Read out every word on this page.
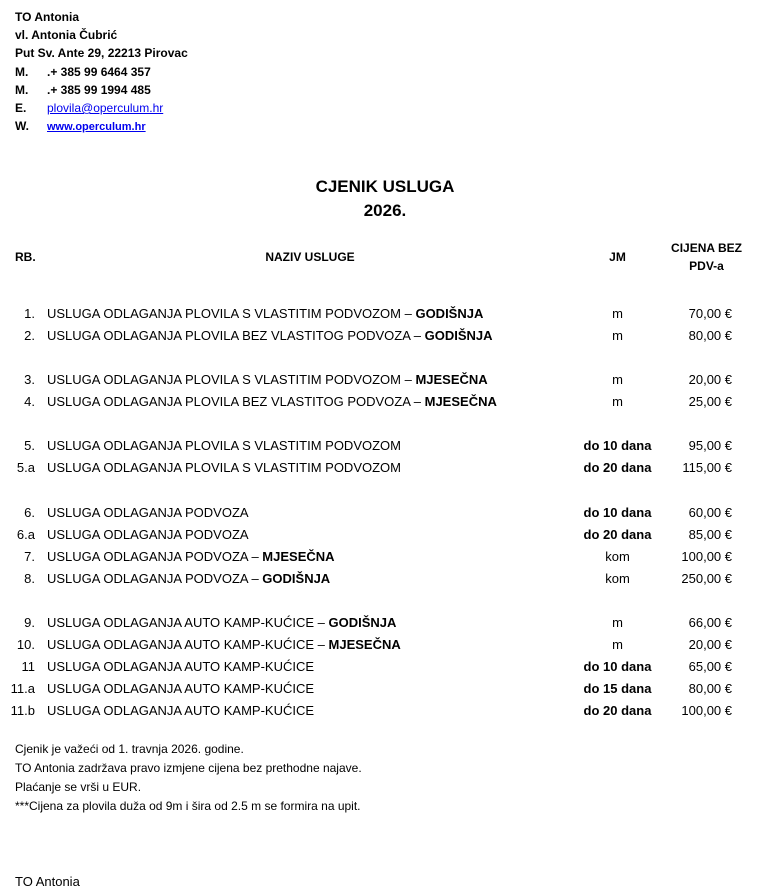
TO Antonia
vl. Antonia Čubrić
Put Sv. Ante 29, 22213 Pirovac
M. .+ 385 99 6464 357
M. .+ 385 99 1994 485
E. plovila@operculum.hr
W. www.operculum.hr
CJENIK USLUGA
2026.
RB.	NAZIV USLUGE	JM
CIJENA BEZ
PDV-a
1. USLUGA ODLAGANJA PLOVILA S VLASTITIM PODVOZOM – GODIŠNJA	m	70,00 €
2. USLUGA ODLAGANJA PLOVILA BEZ VLASTITOG PODVOZA – GODIŠNJA	m	80,00 €
3. USLUGA ODLAGANJA PLOVILA S VLASTITIM PODVOZOM – MJESEČNA	m	20,00 €
4. USLUGA ODLAGANJA PLOVILA BEZ VLASTITOG PODVOZA – MJESEČNA	m	25,00 €
5. USLUGA ODLAGANJA PLOVILA S VLASTITIM PODVOZOM	do 10 dana	95,00 €
5.a USLUGA ODLAGANJA PLOVILA S VLASTITIM PODVOZOM	do 20 dana	115,00 €
6. USLUGA ODLAGANJA PODVOZA	do 10 dana	60,00 €
6.a USLUGA ODLAGANJA PODVOZA	do 20 dana	85,00 €
7. USLUGA ODLAGANJA PODVOZA – MJESEČNA	kom	100,00 €
8. USLUGA ODLAGANJA PODVOZA – GODIŠNJA	kom	250,00 €
9. USLUGA ODLAGANJA AUTO KAMP-KUĆICE – GODIŠNJA	m	66,00 €
10. USLUGA ODLAGANJA AUTO KAMP-KUĆICE – MJESEČNA	m	20,00 €
11 USLUGA ODLAGANJA AUTO KAMP-KUĆICE	do 10 dana	65,00 €
11.a USLUGA ODLAGANJA AUTO KAMP-KUĆICE	do 15 dana	80,00 €
11.b USLUGA ODLAGANJA AUTO KAMP-KUĆICE	do 20 dana	100,00 €
Cjenik je važeći od 1. travnja 2026. godine.
TO Antonia zadržava pravo izmjene cijena bez prethodne najave.
Plaćanje se vrši u EUR.
***Cijena za plovila duža od 9m i šira od 2.5 m se formira na upit.
TO Antonia
